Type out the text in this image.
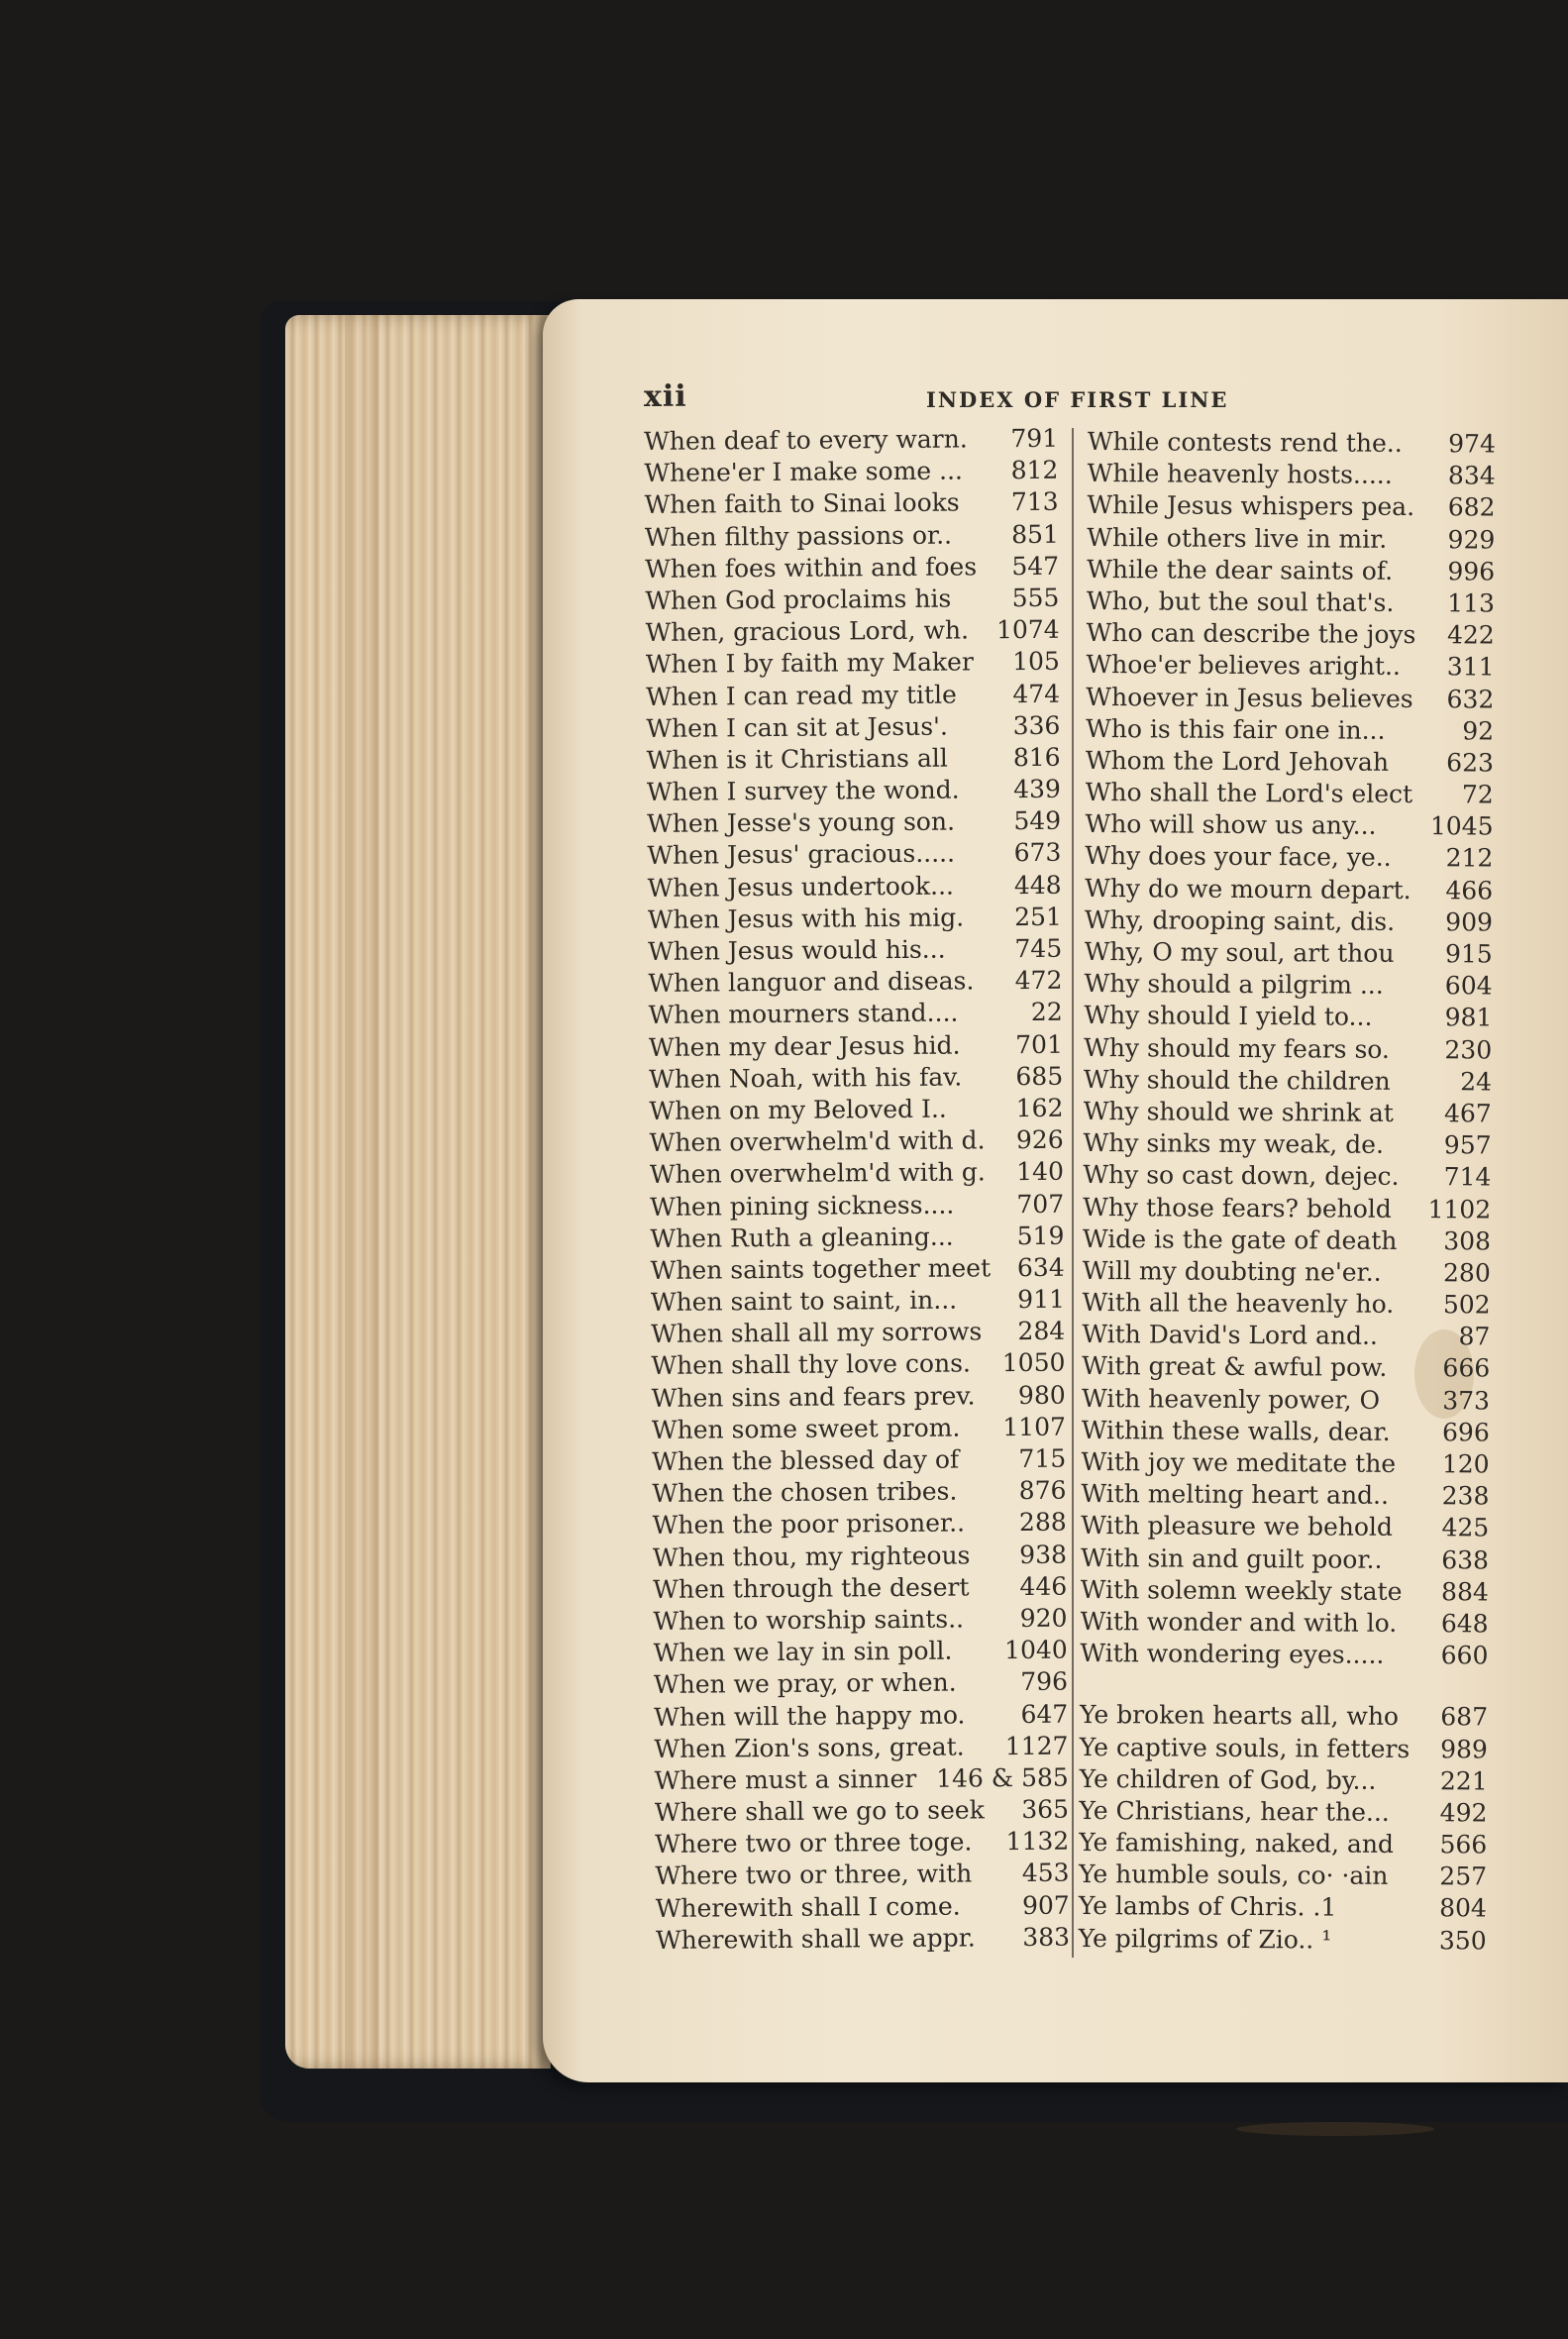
xii	INDEX OF FIRST LINE
When deaf to every warn. 791
Whene'er I make some ... 812
When faith to Sinai looks 713
When filthy passions or.. 851
When foes within and foes 547
When God proclaims his 555
When, gracious Lord, wh. 1074
When I by faith my Maker 105
When I can read my title 474
When I can sit at Jesus'.	336
When is it Christians all	816
When I survey the wond. 439
When Jesse's young son. 549
When Jesus' gracious..... 673
When Jesus undertook... 448
When Jesus with his mig. 251
When Jesus would his...	745
When languor and diseas. 472
When mourners stand....	22
When my dear Jesus hid. 701
When Noah, with his fav. 685
When on my Beloved I..	162
When overwhelm'd with d. 926
When overwhelm'd with g. 140
When pining sickness....	707
When Ruth a gleaning...	519
When saints together meet 634
When saint to saint, in... 911
When shall all my sorrows 284
When shall thy love cons. 1050
When sins and fears prev. 980
When some sweet prom. 1107
When the blessed day of 715
When the chosen tribes. 876
When the poor prisoner.. 288
When thou, my righteous 938
When through the desert 446
When to worship saints.. 920
When we lay in sin poll. 1040
When we pray, or when.	796
When will the happy mo. 647
When Zion's sons, great. 1127
Where must a sinner 146 & 585
Where shall we go to seek 365
Where two or three toge. 1132
Where two or three, with 453
Wherewith shall I come. 907
Wherewith shall we appr. 383
While contests rend the.. 974
While heavenly hosts..... 834
While Jesus whispers pea. 682
While others live in mir. 929
While the dear saints of. 996
Who, but the soul that's. 113
Who can describe the joys 422
Whoe'er believes aright.. 311
Whoever in Jesus believes 632
Who is this fair one in...	92
Whom the Lord Jehovah 623
Who shall the Lord's elect 72
Who will show us any... 1045
Why does your face, ye.. 212
Why do we mourn depart. 466
Why, drooping saint, dis. 909
Why, O my soul, art thou 915
Why should a pilgrim ... 604
Why should I yield to...	981
Why should my fears so. 230
Why should the children	24
Why should we shrink at 467
Why sinks my weak, de. 957
Why so cast down, dejec. 714
Why those fears? behold 1102
Wide is the gate of death 308
Will my doubting ne'er.. 280
With all the heavenly ho. 502
With David's Lord and..	87
With great & awful pow. 666
With heavenly power, O	373
Within these walls, dear. 696
With joy we meditate the 120
With melting heart and.. 238
With pleasure we behold 425
With sin and guilt poor.. 638
With solemn weekly state 884
With wonder and with lo. 648
With wondering eyes..... 660
Ye broken hearts all, who 687
Ye captive souls, in fetters 989
Ye children of God, by...	221
Ye Christians, hear the... 492
Ye famishing, naked, and 566
Ye humble souls, co· ·ain 257
Ye lambs of Chris. .1	804
Ye pilgrims of Zio.. ¹	350
